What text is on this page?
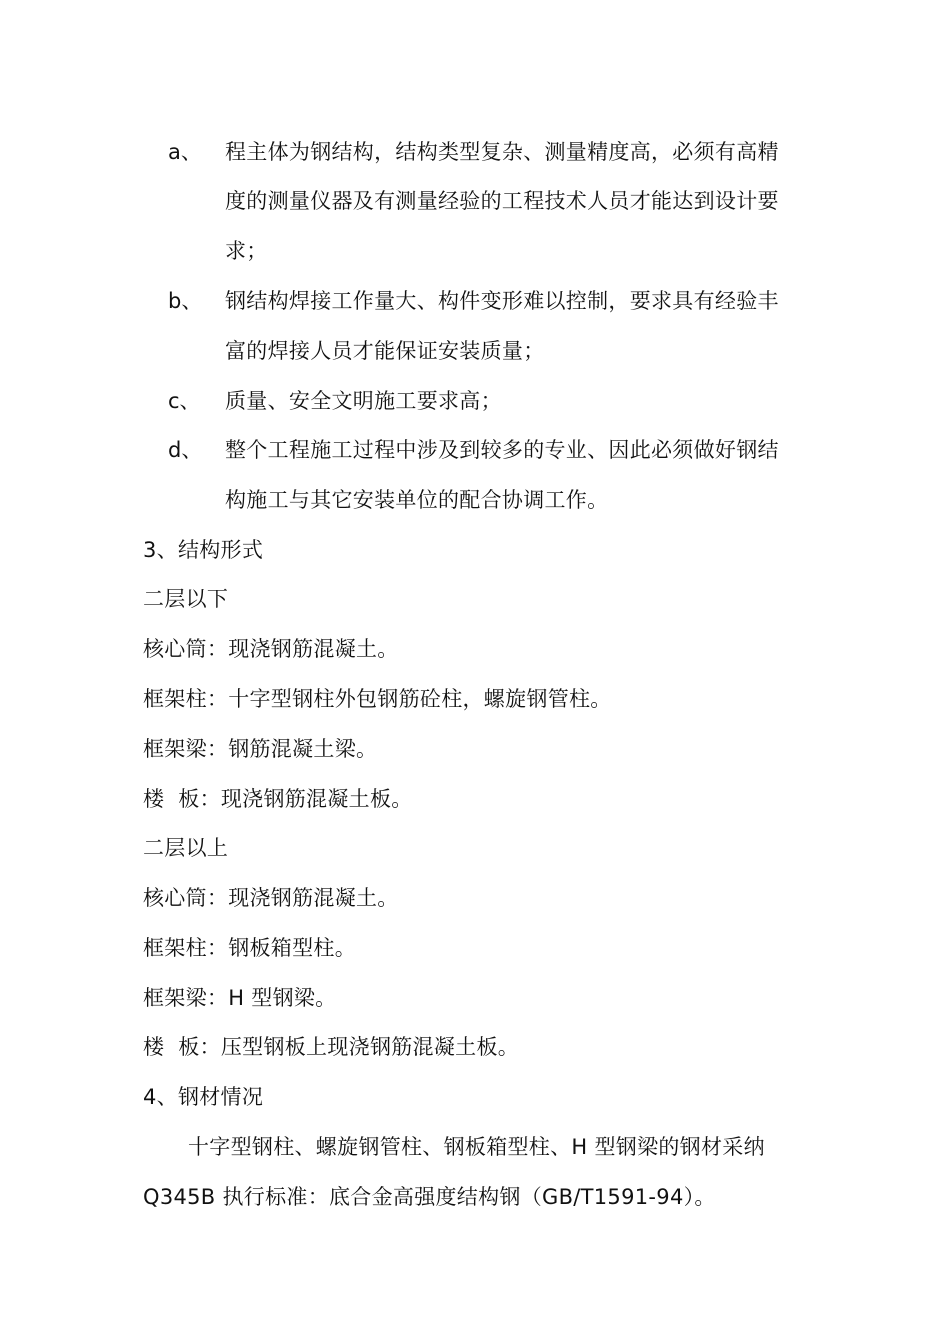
a、 程主体为钢结构，结构类型复杂、测量精度高，必须有高精
度的测量仪器及有测量经验的工程技术人员才能达到设计要
求；
b、 钢结构焊接工作量大、构件变形难以控制，要求具有经验丰
富的焊接人员才能保证安装质量；
c、 质量、安全文明施工要求高；
d、 整个工程施工过程中涉及到较多的专业、因此必须做好钢结
构施工与其它安装单位的配合协调工作。
3、结构形式
二层以下
核心筒：现浇钢筋混凝土。
框架柱：十字型钢柱外包钢筋砼柱，螺旋钢管柱。
框架梁：钢筋混凝土梁。
楼  板：现浇钢筋混凝土板。
二层以上
核心筒：现浇钢筋混凝土。
框架柱：钢板箱型柱。
框架梁：H 型钢梁。
楼  板：压型钢板上现浇钢筋混凝土板。
4、钢材情况
十字型钢柱、螺旋钢管柱、钢板箱型柱、H 型钢梁的钢材采纳
Q345B 执行标准：底合金高强度结构钢（GB/T1591-94）。
